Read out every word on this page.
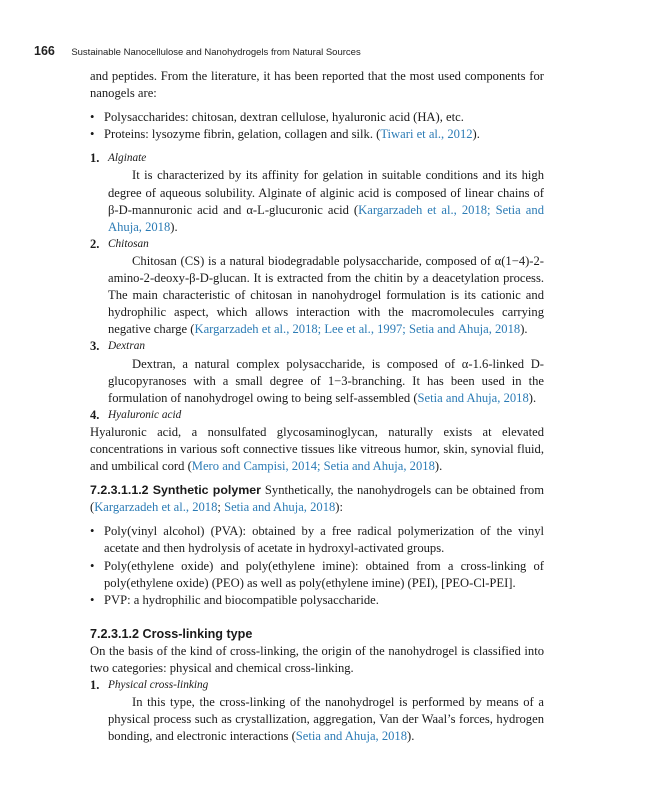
166 Sustainable Nanocellulose and Nanohydrogels from Natural Sources

and peptides. From the literature, it has been reported that the most used components for nanogels are:

• Polysaccharides: chitosan, dextran cellulose, hyaluronic acid (HA), etc.
• Proteins: lysozyme fibrin, gelation, collagen and silk. (Tiwari et al., 2012).
1. Alginate

It is characterized by its affinity for gelation in suitable conditions and its high degree of aqueous solubility. Alginate of alginic acid is composed of linear chains of β-D-mannuronic acid and α-L-glucuronic acid (Kargarzadeh et al., 2018; Setia and Ahuja, 2018).

2. Chitosan

Chitosan (CS) is a natural biodegradable polysaccharide, composed of α(1−4)-2-amino-2-deoxy-β-D-glucan. It is extracted from the chitin by a deacetylation process. The main characteristic of chitosan in nanohydrogel formulation is its cationic and hydrophilic aspect, which allows interaction with the macromolecules carrying negative charge (Kargarzadeh et al., 2018; Lee et al., 1997; Setia and Ahuja, 2018).

3. Dextran

Dextran, a natural complex polysaccharide, is composed of α-1.6-linked D-glucopyranoses with a small degree of 1−3-branching. It has been used in the formulation of nanohydrogel owing to being self-assembled (Setia and Ahuja, 2018).

4. Hyaluronic acid

Hyaluronic acid, a nonsulfated glycosaminoglycan, naturally exists at elevated concentrations in various soft connective tissues like vitreous humor, skin, synovial fluid, and umbilical cord (Mero and Campisi, 2014; Setia and Ahuja, 2018).

7.2.3.1.1.2 Synthetic polymer Synthetically, the nanohydrogels can be obtained from (Kargarzadeh et al., 2018; Setia and Ahuja, 2018):

• Poly(vinyl alcohol) (PVA): obtained by a free radical polymerization of the vinyl acetate and then hydrolysis of acetate in hydroxyl-activated groups.
• Poly(ethylene oxide) and poly(ethylene imine): obtained from a cross-linking of poly(ethylene oxide) (PEO) as well as poly(ethylene imine) (PEI), [PEO-Cl-PEI].
• PVP: a hydrophilic and biocompatible polysaccharide.
7.2.3.1.2 Cross-linking type

On the basis of the kind of cross-linking, the origin of the nanohydrogel is classified into two categories: physical and chemical cross-linking.

1. Physical cross-linking

In this type, the cross-linking of the nanohydrogel is performed by means of a physical process such as crystallization, aggregation, Van der Waal’s forces, hydrogen bonding, and electronic interactions (Setia and Ahuja, 2018).
